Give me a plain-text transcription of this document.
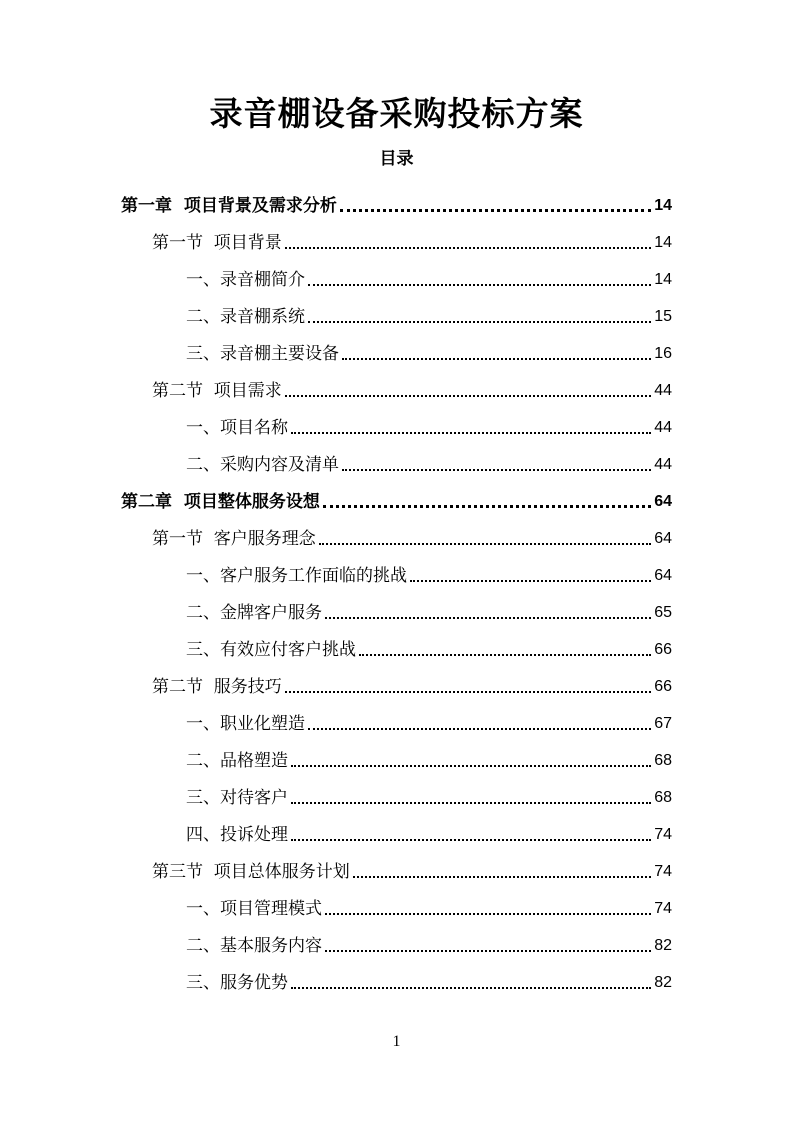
录音棚设备采购投标方案
目录
第一章  项目背景及需求分析	14
第一节  项目背景	14
一、录音棚简介	14
二、录音棚系统	15
三、录音棚主要设备	16
第二节  项目需求	44
一、项目名称	44
二、采购内容及清单	44
第二章  项目整体服务设想	64
第一节  客户服务理念	64
一、客户服务工作面临的挑战	64
二、金牌客户服务	65
三、有效应付客户挑战	66
第二节  服务技巧	66
一、职业化塑造	67
二、品格塑造	68
三、对待客户	68
四、投诉处理	74
第三节  项目总体服务计划	74
一、项目管理模式	74
二、基本服务内容	82
三、服务优势	82
1
